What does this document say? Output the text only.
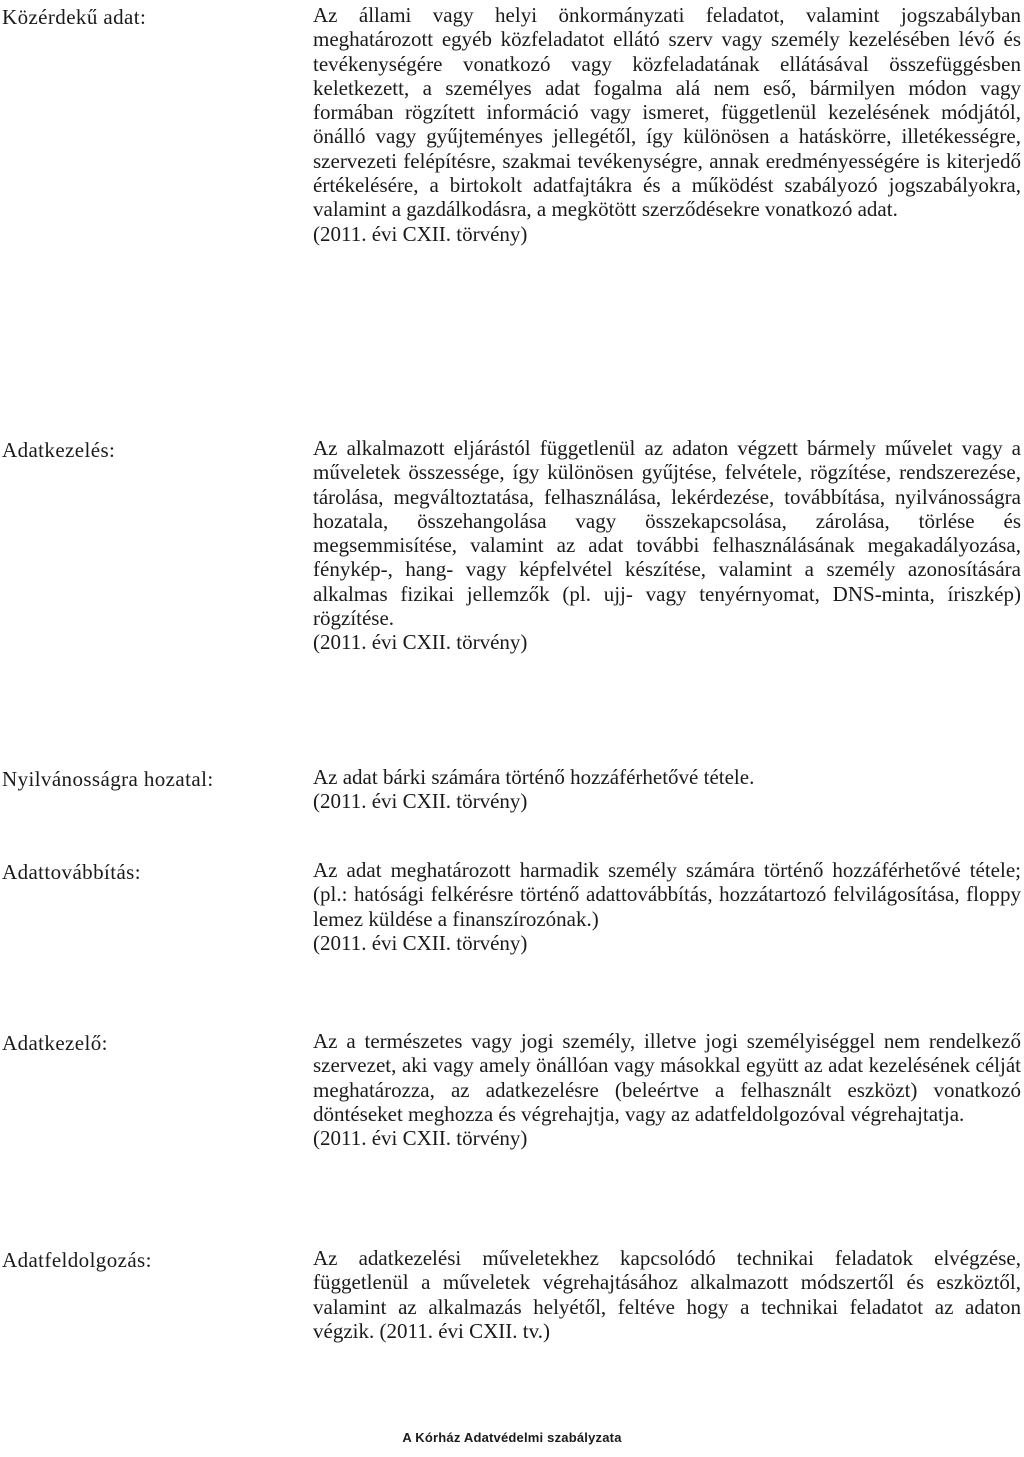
Közérdekű adat:	Az állami vagy helyi önkormányzati feladatot, valamint jogszabályban meghatározott egyéb közfeladatot ellátó szerv vagy személy kezelésében lévő és tevékenységére vonatkozó vagy közfeladatának ellátásával összefüggésben keletkezett, a személyes adat fogalma alá nem eső, bármilyen módon vagy formában rögzített információ vagy ismeret, függetlenül kezelésének módjától, önálló vagy gyűjteményes jellegétől, így különösen a hatáskörre, illetékességre, szervezeti felépítésre, szakmai tevékenységre, annak eredményességére is kiterjedő értékelésére, a birtokolt adatfajtákra és a működést szabályozó jogszabályokra, valamint a gazdálkodásra, a megkötött szerződésekre vonatkozó adat.
(2011. évi CXII. törvény)
Adatkezelés:	Az alkalmazott eljárástól függetlenül az adaton végzett bármely művelet vagy a műveletek összessége, így különösen gyűjtése, felvétele, rögzítése, rendszerezése, tárolása, megváltoztatása, felhasználása, lekérdezése, továbbítása, nyilvánosságra hozatala, összehangolása vagy összekapcsolása, zárolása, törlése és megsemmisítése, valamint az adat további felhasználásának megakadályozása, fénykép-, hang- vagy képfelvétel készítése, valamint a személy azonosítására alkalmas fizikai jellemzők (pl. ujj- vagy tenyérnyomat, DNS-minta, íriszkép) rögzítése.
(2011. évi CXII. törvény)
Nyilvánosságra hozatal:	Az adat bárki számára történő hozzáférhetővé tétele.
(2011. évi CXII. törvény)
Adattovábbítás:	Az adat meghatározott harmadik személy számára történő hozzáférhetővé tétele; (pl.: hatósági felkérésre történő adattovábbítás, hozzátartozó felvilágosítása, floppy lemez küldése a finanszírozónak.)
(2011. évi CXII. törvény)
Adatkezelő:	Az a természetes vagy jogi személy, illetve jogi személyiséggel nem rendelkező szervezet, aki vagy amely önállóan vagy másokkal együtt az adat kezelésének célját meghatározza, az adatkezelésre (beleértve a felhasznált eszközt) vonatkozó döntéseket meghozza és végrehajtja, vagy az adatfeldolgozóval végrehajtatja.
(2011. évi CXII. törvény)
Adatfeldolgozás:	Az adatkezelési műveletekhez kapcsolódó technikai feladatok elvégzése, függetlenül a műveletek végrehajtásához alkalmazott módszertől és eszköztől, valamint az alkalmazás helyétől, feltéve hogy a technikai feladatot az adaton végzik. (2011. évi CXII. tv.)
A Kórház Adatvédelmi szabályzata
